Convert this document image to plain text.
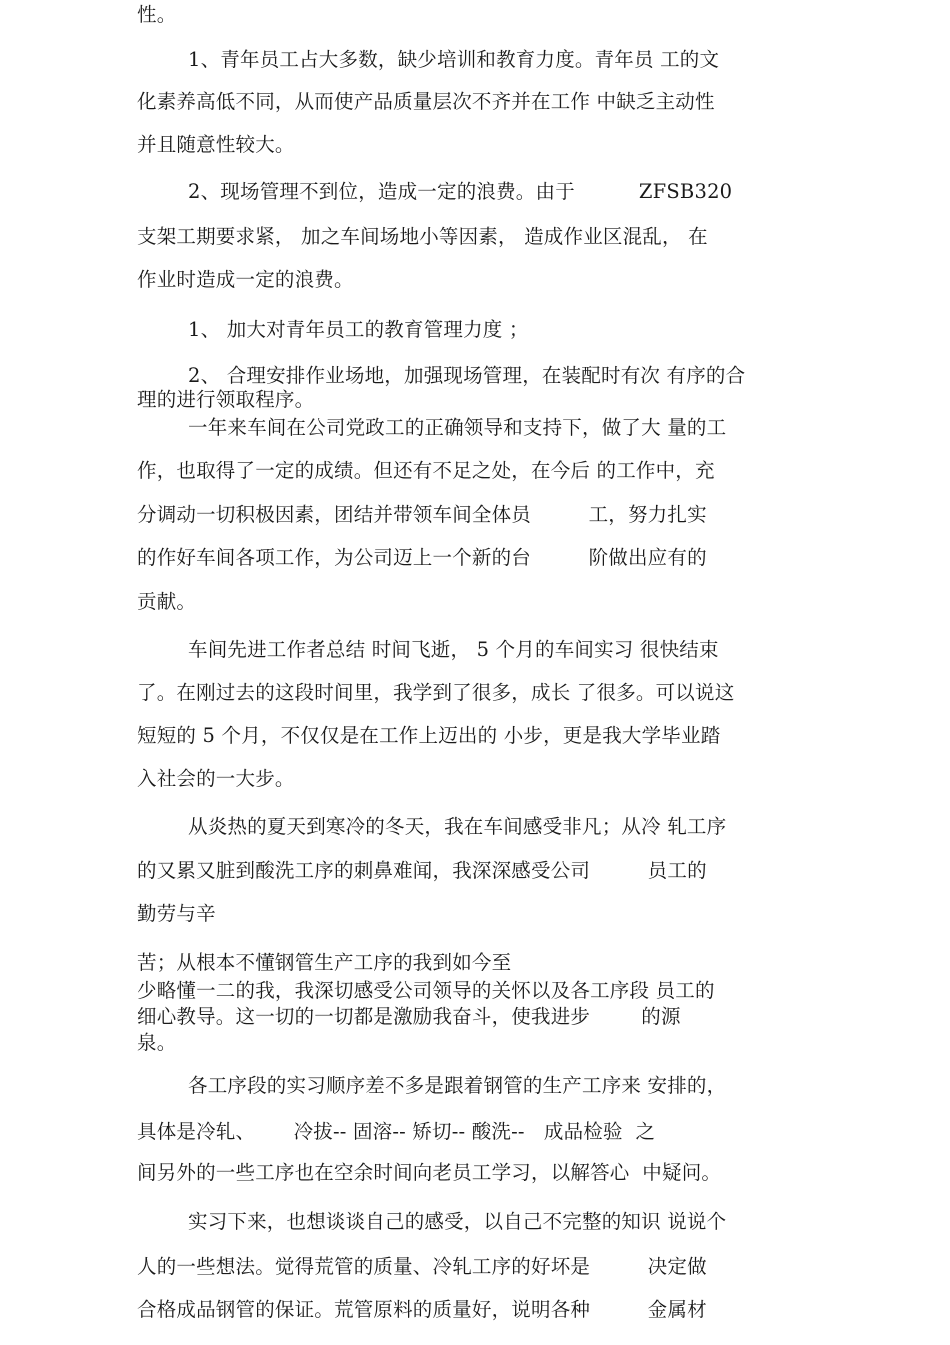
性。
1、青年员工占大多数，缺少培训和教育力度。青年员 工的文
化素养高低不同，从而使产品质量层次不齐并在工作 中缺乏主动性
并且随意性较大。
2、现场管理不到位，造成一定的浪费。由于          ZFSB320
支架工期要求紧， 加之车间场地小等因素， 造成作业区混乱， 在
作业时造成一定的浪费。
1、 加大对青年员工的教育管理力度 ；
2、 合理安排作业场地，加强现场管理，在装配时有次 有序的合
理的进行领取程序。
一年来车间在公司党政工的正确领导和支持下，做了大 量的工
作，也取得了一定的成绩。但还有不足之处，在今后 的工作中，充
分调动一切积极因素，团结并带领车间全体员         工，努力扎实
的作好车间各项工作，为公司迈上一个新的台         阶做出应有的
贡献。
车间先进工作者总结 时间飞逝， 5 个月的车间实习 很快结束
了。在刚过去的这段时间里，我学到了很多，成长 了很多。可以说这
短短的 5 个月，不仅仅是在工作上迈出的 小步，更是我大学毕业踏
入社会的一大步。
从炎热的夏天到寒冷的冬天，我在车间感受非凡；从冷 轧工序
的又累又脏到酸洗工序的刺鼻难闻，我深深感受公司         员工的
勤劳与辛
苦；从根本不懂钢管生产工序的我到如今至
少略懂一二的我，我深切感受公司领导的关怀以及各工序段 员工的
细心教导。这一切的一切都是激励我奋斗，使我进步        的源
泉。
各工序段的实习顺序差不多是跟着钢管的生产工序来 安排的，
具体是冷轧、      冷拔-- 固溶-- 矫切-- 酸洗--   成品检验  之
间另外的一些工序也在空余时间向老员工学习，以解答心  中疑问。
实习下来，也想谈谈自己的感受，以自己不完整的知识 说说个
人的一些想法。觉得荒管的质量、冷轧工序的好坏是         决定做
合格成品钢管的保证。荒管原料的质量好，说明各种         金属材
